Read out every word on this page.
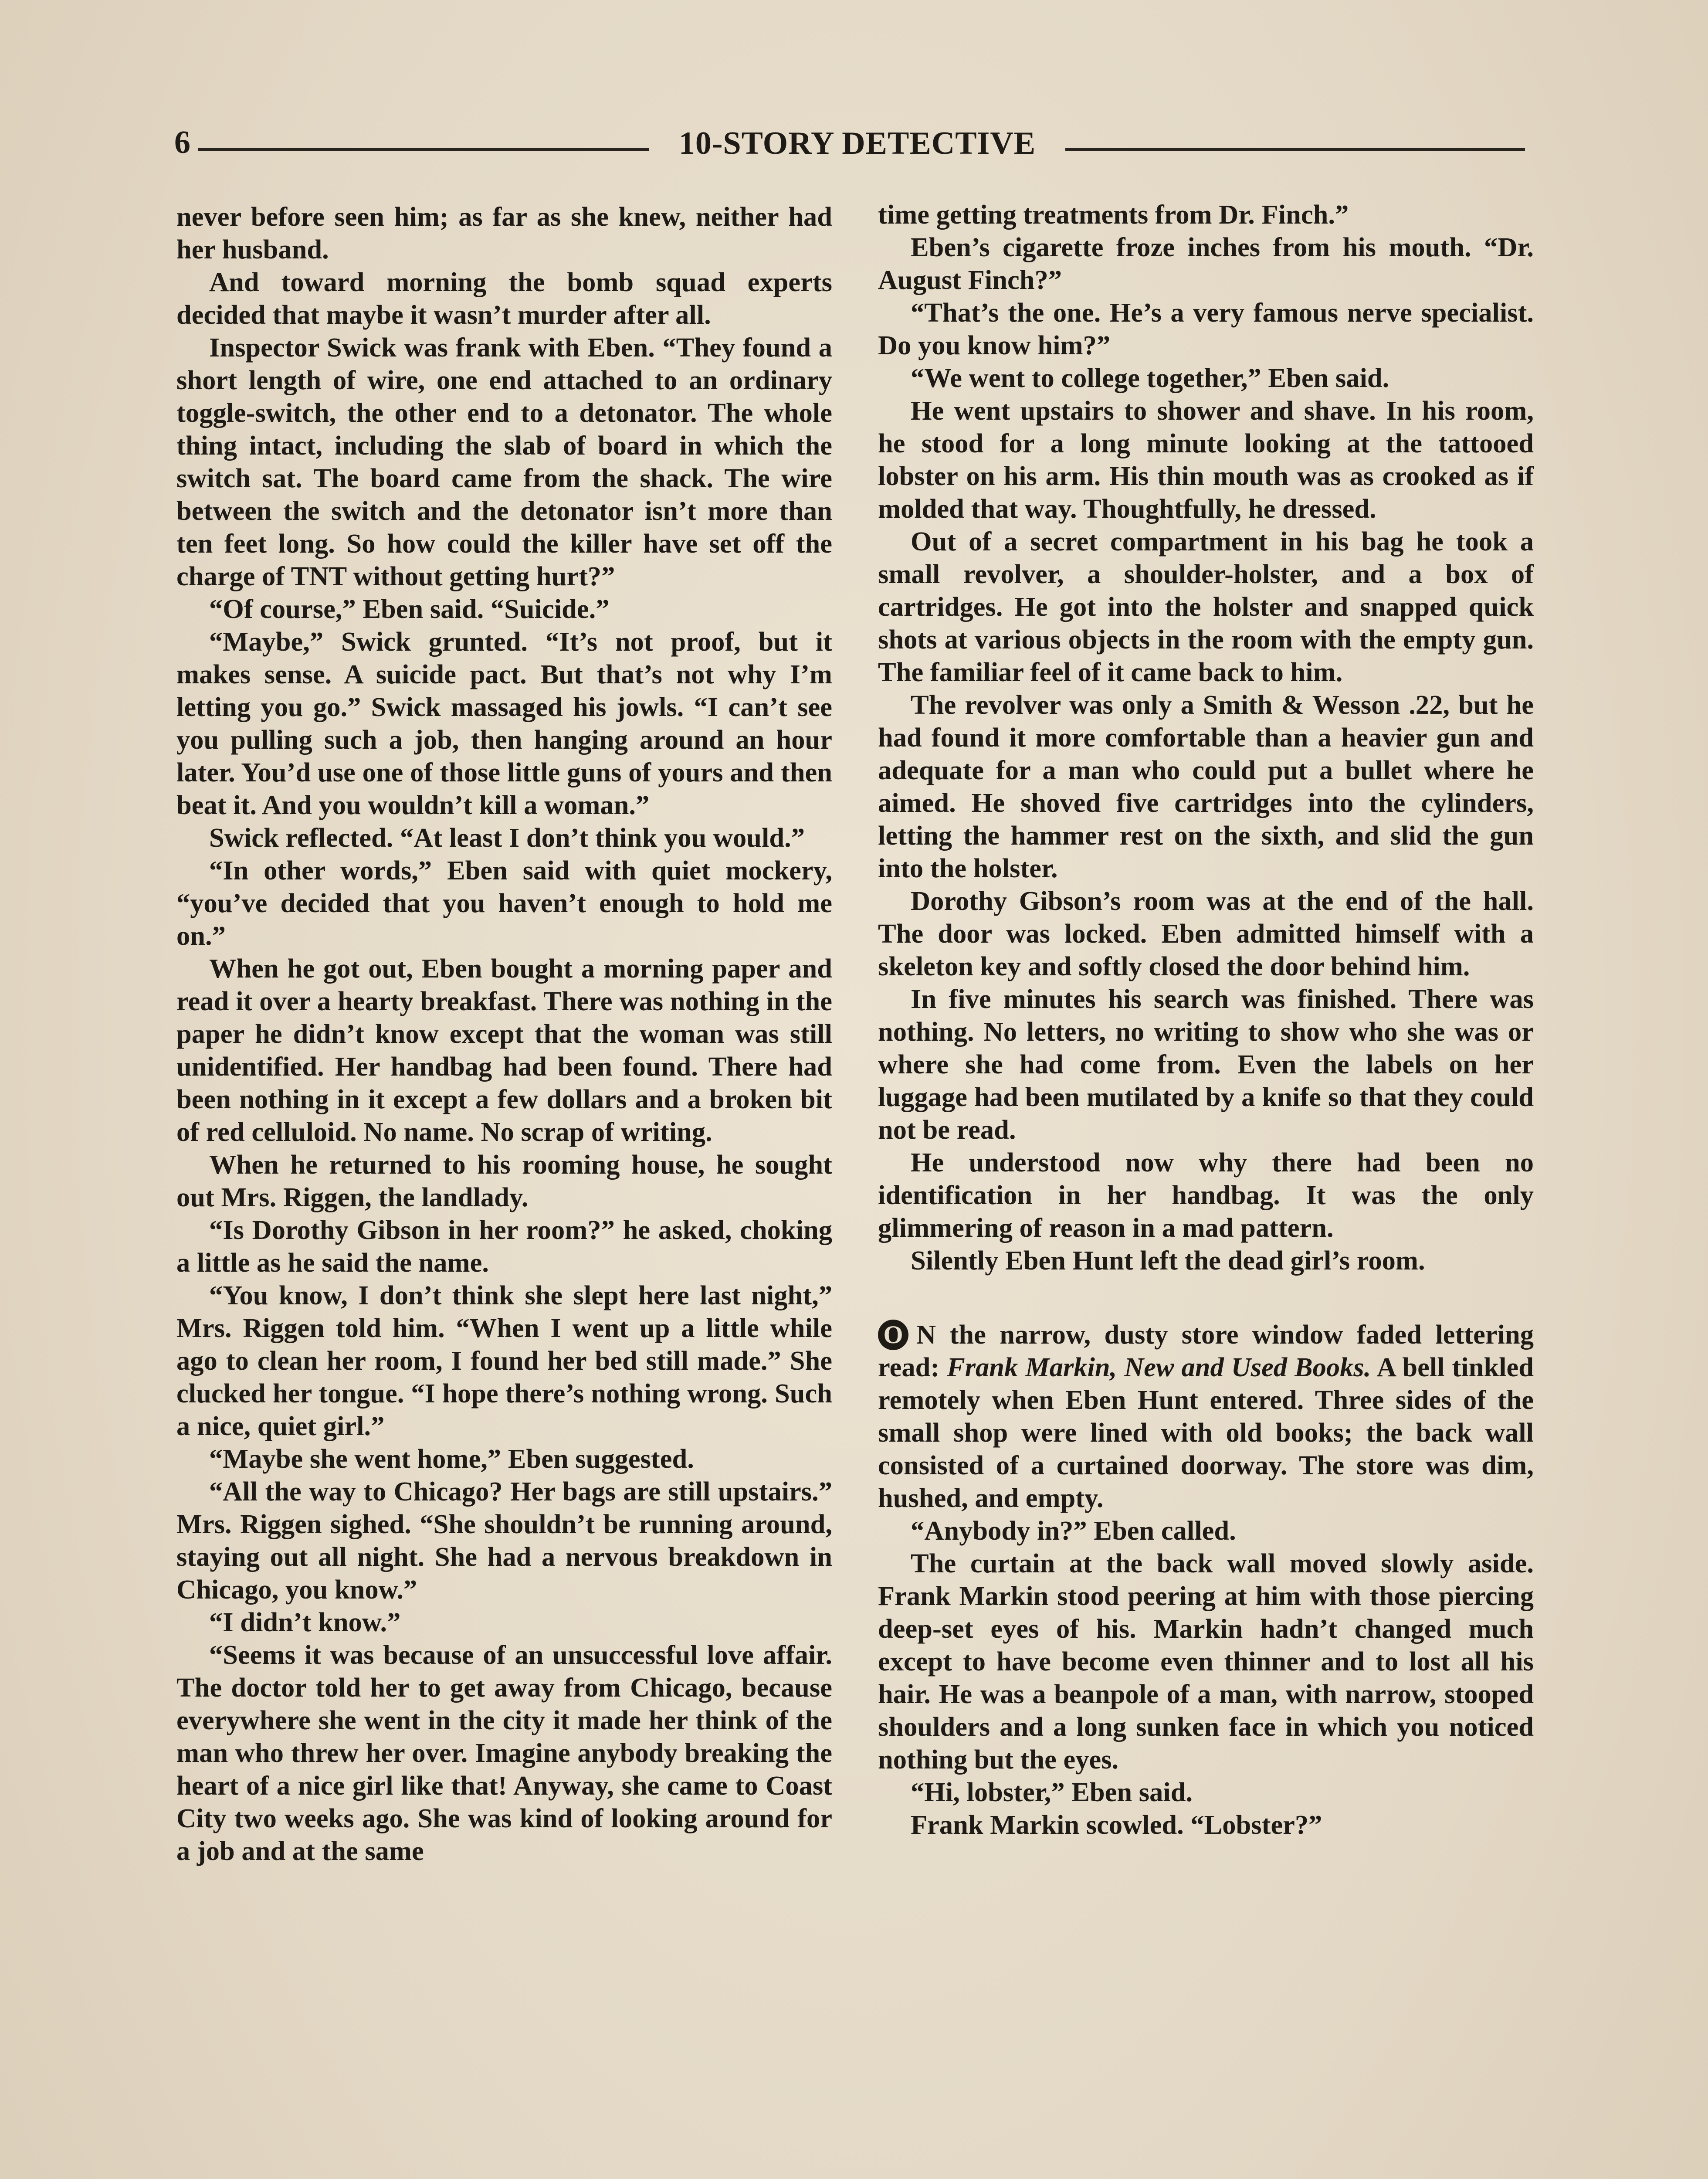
6	10-STORY DETECTIVE

never before seen him; as far as she knew, neither had her husband.

And toward morning the bomb squad experts decided that maybe it wasn’t murder after all.

Inspector Swick was frank with Eben. “They found a short length of wire, one end attached to an ordinary toggle-switch, the other end to a detonator. The whole thing intact, including the slab of board in which the switch sat. The board came from the shack. The wire between the switch and the detonator isn’t more than ten feet long. So how could the killer have set off the charge of TNT without getting hurt?”

“Of course,” Eben said. “Suicide.”

“Maybe,” Swick grunted. “It’s not proof, but it makes sense. A suicide pact. But that’s not why I’m letting you go.” Swick massaged his jowls. “I can’t see you pulling such a job, then hanging around an hour later. You’d use one of those little guns of yours and then beat it. And you wouldn’t kill a woman.”

Swick reflected. “At least I don’t think you would.”

“In other words,” Eben said with quiet mockery, “you’ve decided that you haven’t enough to hold me on.”

When he got out, Eben bought a morning paper and read it over a hearty breakfast. There was nothing in the paper he didn’t know except that the woman was still unidentified. Her handbag had been found. There had been nothing in it except a few dollars and a broken bit of red celluloid. No name. No scrap of writing.

When he returned to his rooming house, he sought out Mrs. Riggen, the landlady.

“Is Dorothy Gibson in her room?” he asked, choking a little as he said the name.

“You know, I don’t think she slept here last night,” Mrs. Riggen told him. “When I went up a little while ago to clean her room, I found her bed still made.” She clucked her tongue. “I hope there’s nothing wrong. Such a nice, quiet girl.”

“Maybe she went home,” Eben suggested.

“All the way to Chicago? Her bags are still upstairs.” Mrs. Riggen sighed. “She shouldn’t be running around, staying out all night. She had a nervous breakdown in Chicago, you know.”

“I didn’t know.”

“Seems it was because of an unsuccessful love affair. The doctor told her to get away from Chicago, because everywhere she went in the city it made her think of the man who threw her over. Imagine anybody breaking the heart of a nice girl like that! Anyway, she came to Coast City two weeks ago. She was kind of looking around for a job and at the same

time getting treatments from Dr. Finch.”

Eben’s cigarette froze inches from his mouth. “Dr. August Finch?”

“That’s the one. He’s a very famous nerve specialist. Do you know him?”

“We went to college together,” Eben said.

He went upstairs to shower and shave. In his room, he stood for a long minute looking at the tattooed lobster on his arm. His thin mouth was as crooked as if molded that way. Thoughtfully, he dressed.

Out of a secret compartment in his bag he took a small revolver, a shoulder-holster, and a box of cartridges. He got into the holster and snapped quick shots at various objects in the room with the empty gun. The familiar feel of it came back to him.

The revolver was only a Smith & Wesson .22, but he had found it more comfortable than a heavier gun and adequate for a man who could put a bullet where he aimed. He shoved five cartridges into the cylinders, letting the hammer rest on the sixth, and slid the gun into the holster.

Dorothy Gibson’s room was at the end of the hall. The door was locked. Eben admitted himself with a skeleton key and softly closed the door behind him.

In five minutes his search was finished. There was nothing. No letters, no writing to show who she was or where she had come from. Even the labels on her luggage had been mutilated by a knife so that they could not be read.

He understood now why there had been no identification in her handbag. It was the only glimmering of reason in a mad pattern.

Silently Eben Hunt left the dead girl’s room.

O N the narrow, dusty store window faded lettering read: Frank Markin, New and Used Books. A bell tinkled remotely when Eben Hunt entered. Three sides of the small shop were lined with old books; the back wall consisted of a curtained doorway. The store was dim, hushed, and empty.

“Anybody in?” Eben called.

The curtain at the back wall moved slowly aside. Frank Markin stood peering at him with those piercing deep-set eyes of his. Markin hadn’t changed much except to have become even thinner and to lost all his hair. He was a beanpole of a man, with narrow, stooped shoulders and a long sunken face in which you noticed nothing but the eyes.

“Hi, lobster,” Eben said.

Frank Markin scowled. “Lobster?”
